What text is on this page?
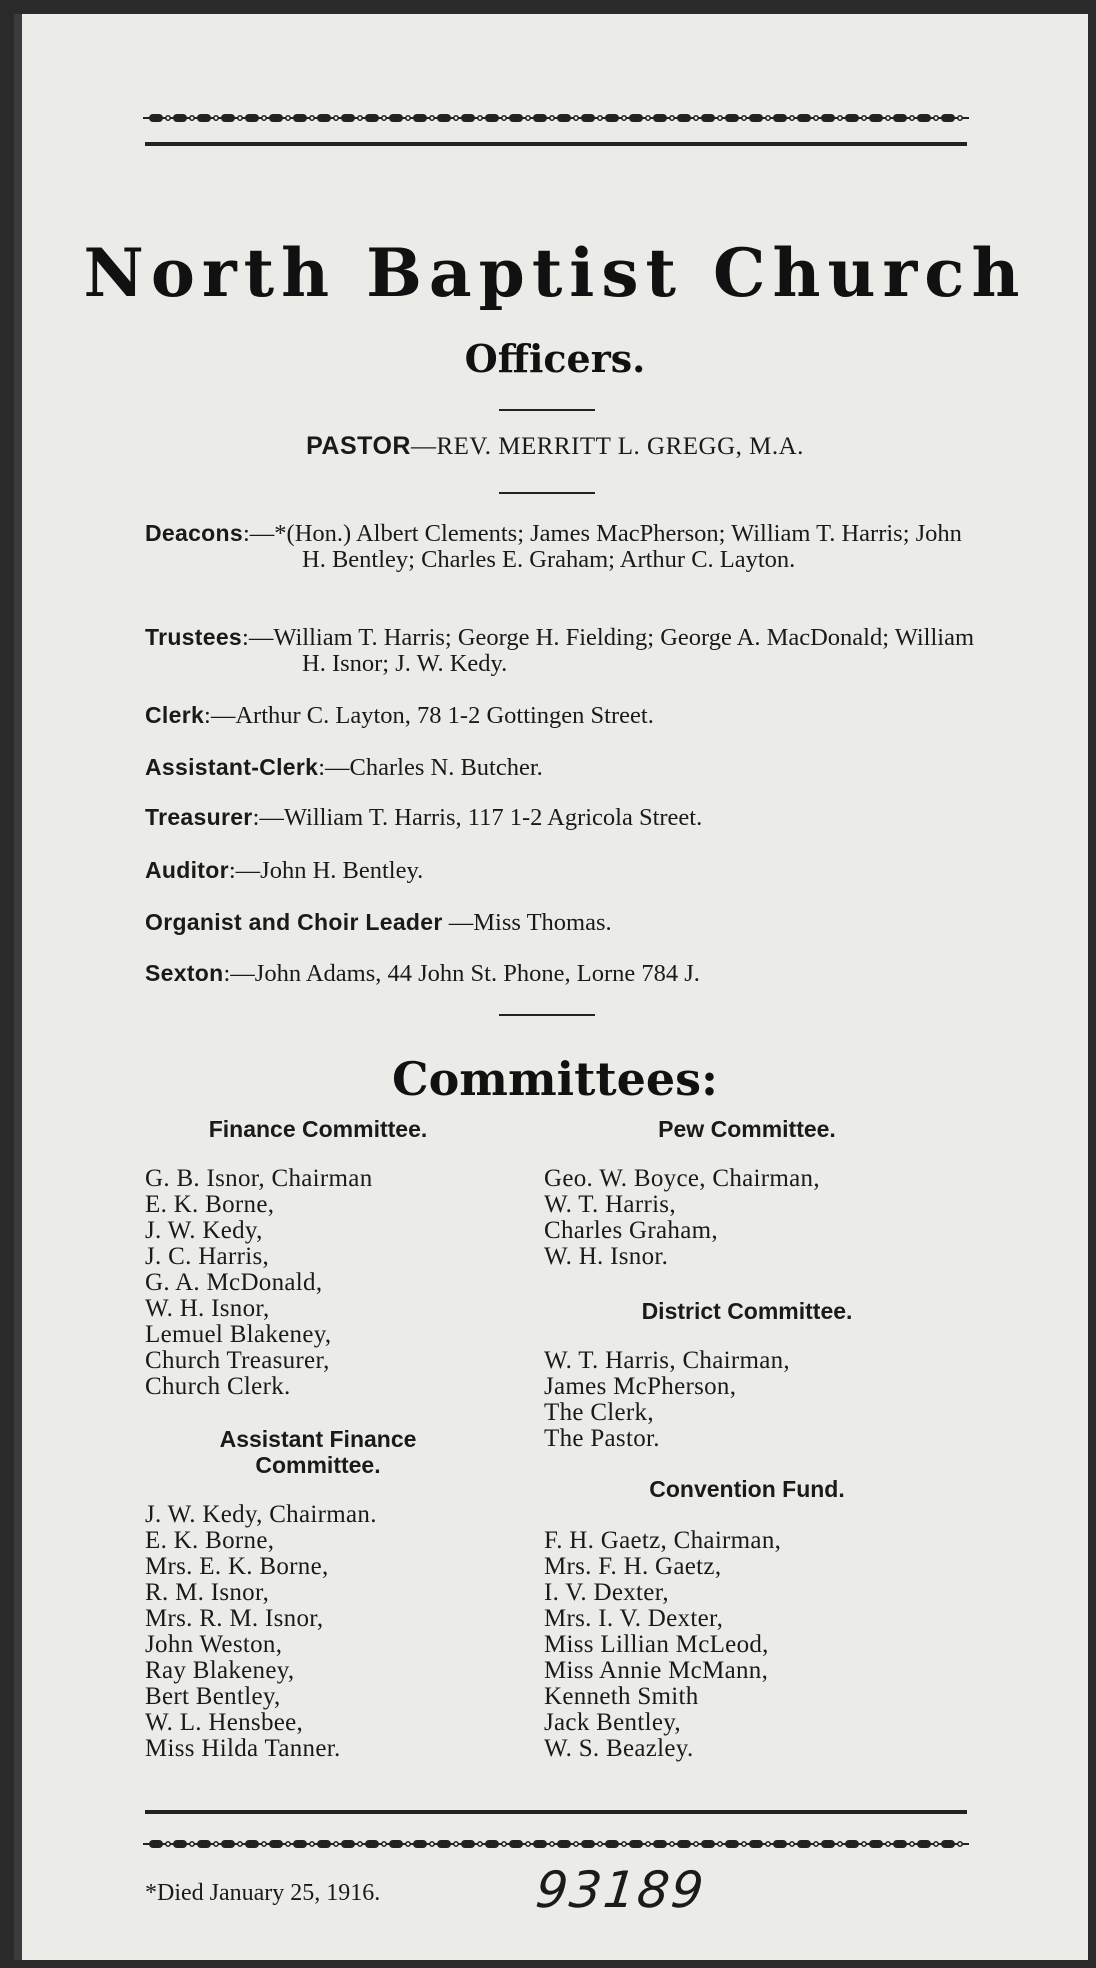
North Baptist Church
Officers.
PASTOR—REV. MERRITT L. GREGG, M.A.
Deacons:—*(Hon.) Albert Clements; James MacPherson; William T. Harris; John H. Bentley; Charles E. Graham; Arthur C. Layton.
Trustees:—William T. Harris; George H. Fielding; George A. MacDonald; William H. Isnor; J. W. Kedy.
Clerk:—Arthur C. Layton, 78 1-2 Gottingen Street.
Assistant-Clerk:—Charles N. Butcher.
Treasurer:—William T. Harris, 117 1-2 Agricola Street.
Auditor:—John H. Bentley.
Organist and Choir Leader —Miss Thomas.
Sexton:—John Adams, 44 John St. Phone, Lorne 784 J.
Committees:
Finance Committee.
G. B. Isnor, Chairman
E. K. Borne,
J. W. Kedy,
J. C. Harris,
G. A. McDonald,
W. H. Isnor,
Lemuel Blakeney,
Church Treasurer,
Church Clerk.
Assistant Finance
Committee.
J. W. Kedy, Chairman.
E. K. Borne,
Mrs. E. K. Borne,
R. M. Isnor,
Mrs. R. M. Isnor,
John Weston,
Ray Blakeney,
Bert Bentley,
W. L. Hensbee,
Miss Hilda Tanner.
Pew Committee.
Geo. W. Boyce, Chairman,
W. T. Harris,
Charles Graham,
W. H. Isnor.
District Committee.
W. T. Harris, Chairman,
James McPherson,
The Clerk,
The Pastor.
Convention Fund.
F. H. Gaetz, Chairman,
Mrs. F. H. Gaetz,
I. V. Dexter,
Mrs. I. V. Dexter,
Miss Lillian McLeod,
Miss Annie McMann,
Kenneth Smith
Jack Bentley,
W. S. Beazley.
*Died January 25, 1916.	93189
